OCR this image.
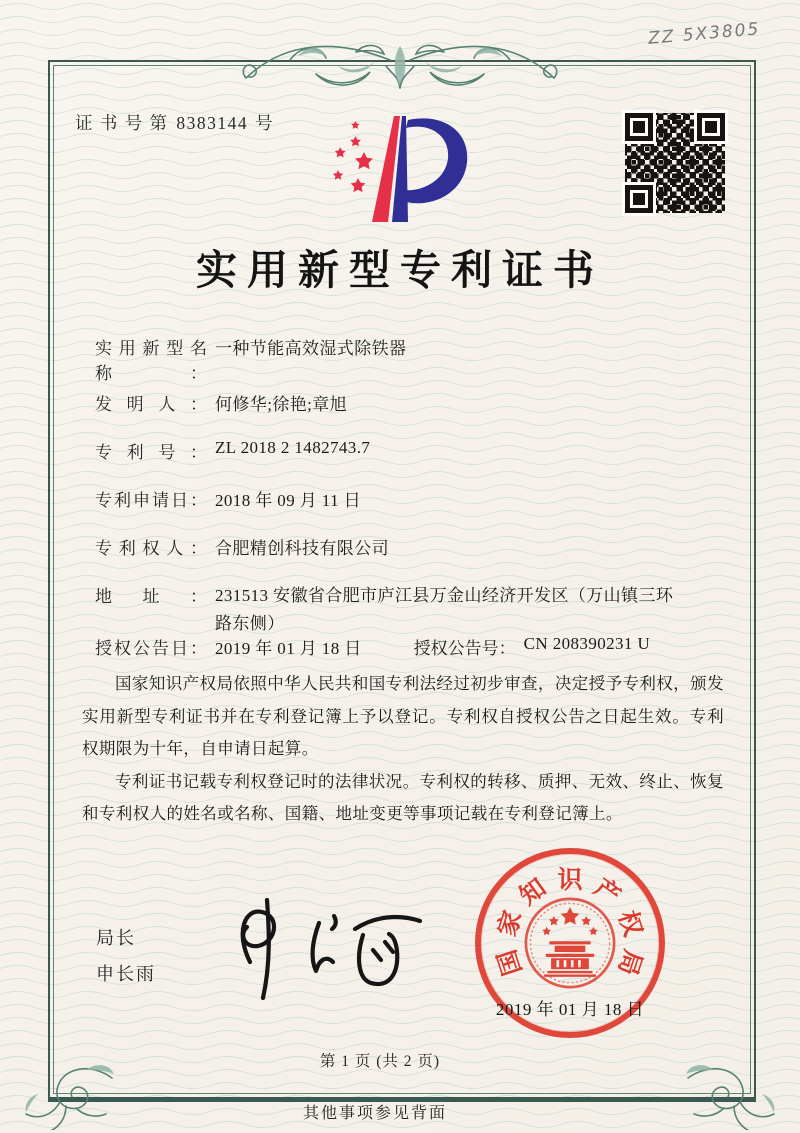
ZZ 5X3805
证书号第 8383144 号
实用新型专利证书
实用新型名称：
一种节能高效湿式除铁器
发明人： 何修华;徐艳;章旭
专利号： ZL 2018 2 1482743.7
专利申请日： 2018 年 09 月 11 日
专利权人： 合肥精创科技有限公司
地址： 231513 安徽省合肥市庐江县万金山经济开发区（万山镇三环路东侧）
授权公告日： 2019 年 01 月 18 日	授权公告号： CN 208390231 U

国家知识产权局依照中华人民共和国专利法经过初步审查，决定授予专利权，颁发实用新型专利证书并在专利登记簿上予以登记。专利权自授权公告之日起生效。专利权期限为十年，自申请日起算。

专利证书记载专利权登记时的法律状况。专利权的转移、质押、无效、终止、恢复和专利权人的姓名或名称、国籍、地址变更等事项记载在专利登记簿上。

局长
申长雨	国
家
知 识 产
权
局
2019 年 01 月 18 日
第 1 页 (共 2 页)
其他事项参见背面
